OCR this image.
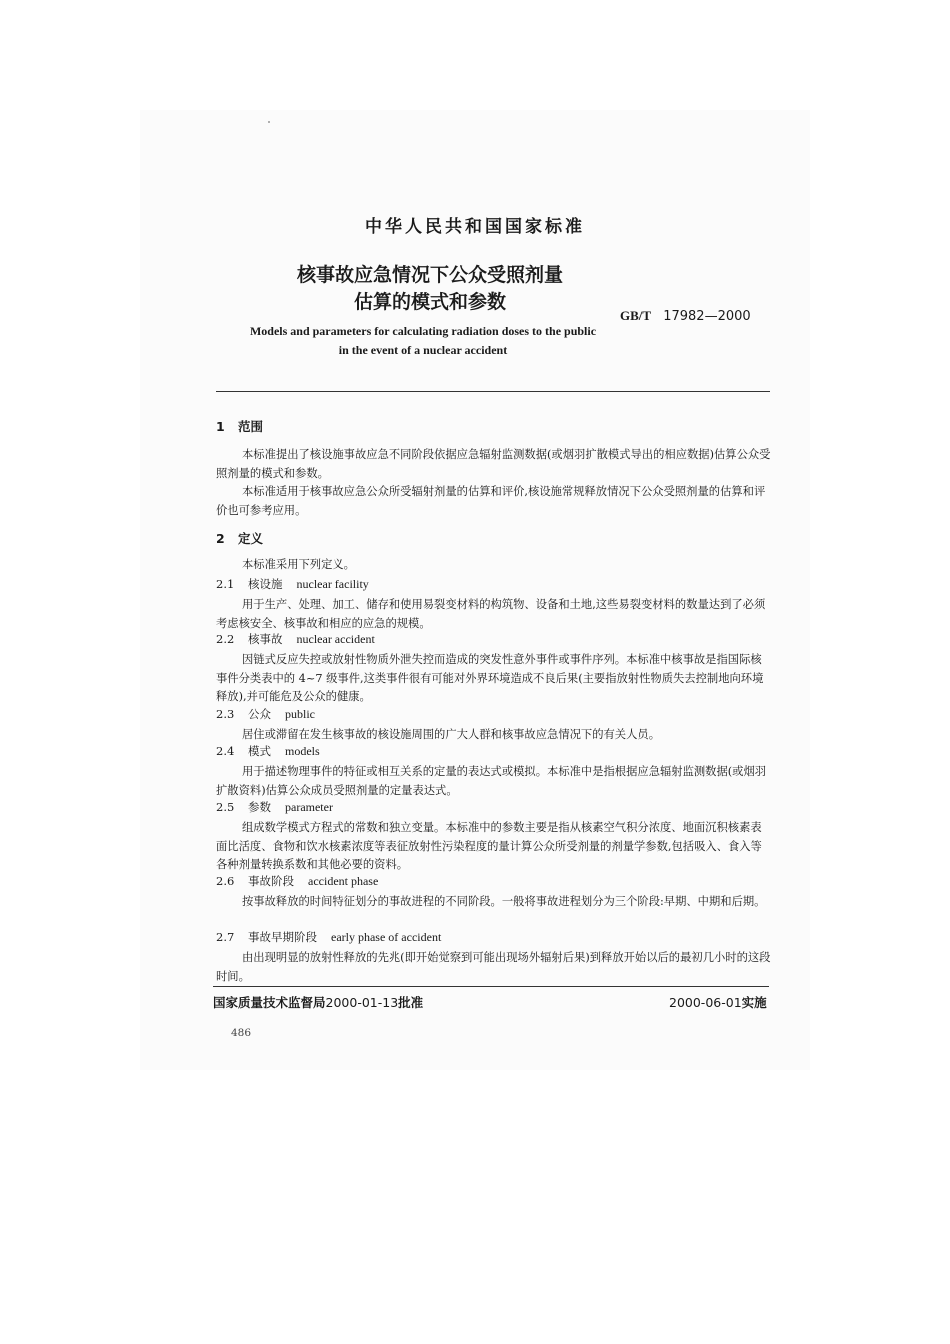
中华人民共和国国家标准
核事故应急情况下公众受照剂量
估算的模式和参数
GB/T 17982—2000
Models and parameters for calculating radiation doses to the public
in the event of a nuclear accident
1 范围
本标准提出了核设施事故应急不同阶段依据应急辐射监测数据(或烟羽扩散模式导出的相应数据)估算公众受照剂量的模式和参数。
本标准适用于核事故应急公众所受辐射剂量的估算和评价,核设施常规释放情况下公众受照剂量的估算和评价也可参考应用。
2 定义
本标准采用下列定义。
2.1 核设施 nuclear facility
用于生产、处理、加工、储存和使用易裂变材料的构筑物、设备和土地,这些易裂变材料的数量达到了必须考虑核安全、核事故和相应的应急的规模。
2.2 核事故 nuclear accident
因链式反应失控或放射性物质外泄失控而造成的突发性意外事件或事件序列。本标准中核事故是指国际核事件分类表中的 4~7 级事件,这类事件很有可能对外界环境造成不良后果(主要指放射性物质失去控制地向环境释放),并可能危及公众的健康。
2.3 公众 public
居住或滞留在发生核事故的核设施周围的广大人群和核事故应急情况下的有关人员。
2.4 模式 models
用于描述物理事件的特征或相互关系的定量的表达式或模拟。本标准中是指根据应急辐射监测数据(或烟羽扩散资料)估算公众成员受照剂量的定量表达式。
2.5 参数 parameter
组成数学模式方程式的常数和独立变量。本标准中的参数主要是指从核素空气积分浓度、地面沉积核素表面比活度、食物和饮水核素浓度等表征放射性污染程度的量计算公众所受剂量的剂量学参数,包括吸入、食入等各种剂量转换系数和其他必要的资料。
2.6 事故阶段 accident phase
按事故释放的时间特征划分的事故进程的不同阶段。一般将事故进程划分为三个阶段:早期、中期和后期。
2.7 事故早期阶段 early phase of accident
由出现明显的放射性释放的先兆(即开始觉察到可能出现场外辐射后果)到释放开始以后的最初几小时的这段时间。
国家质量技术监督局2000-01-13批准	2000-06-01实施
486
